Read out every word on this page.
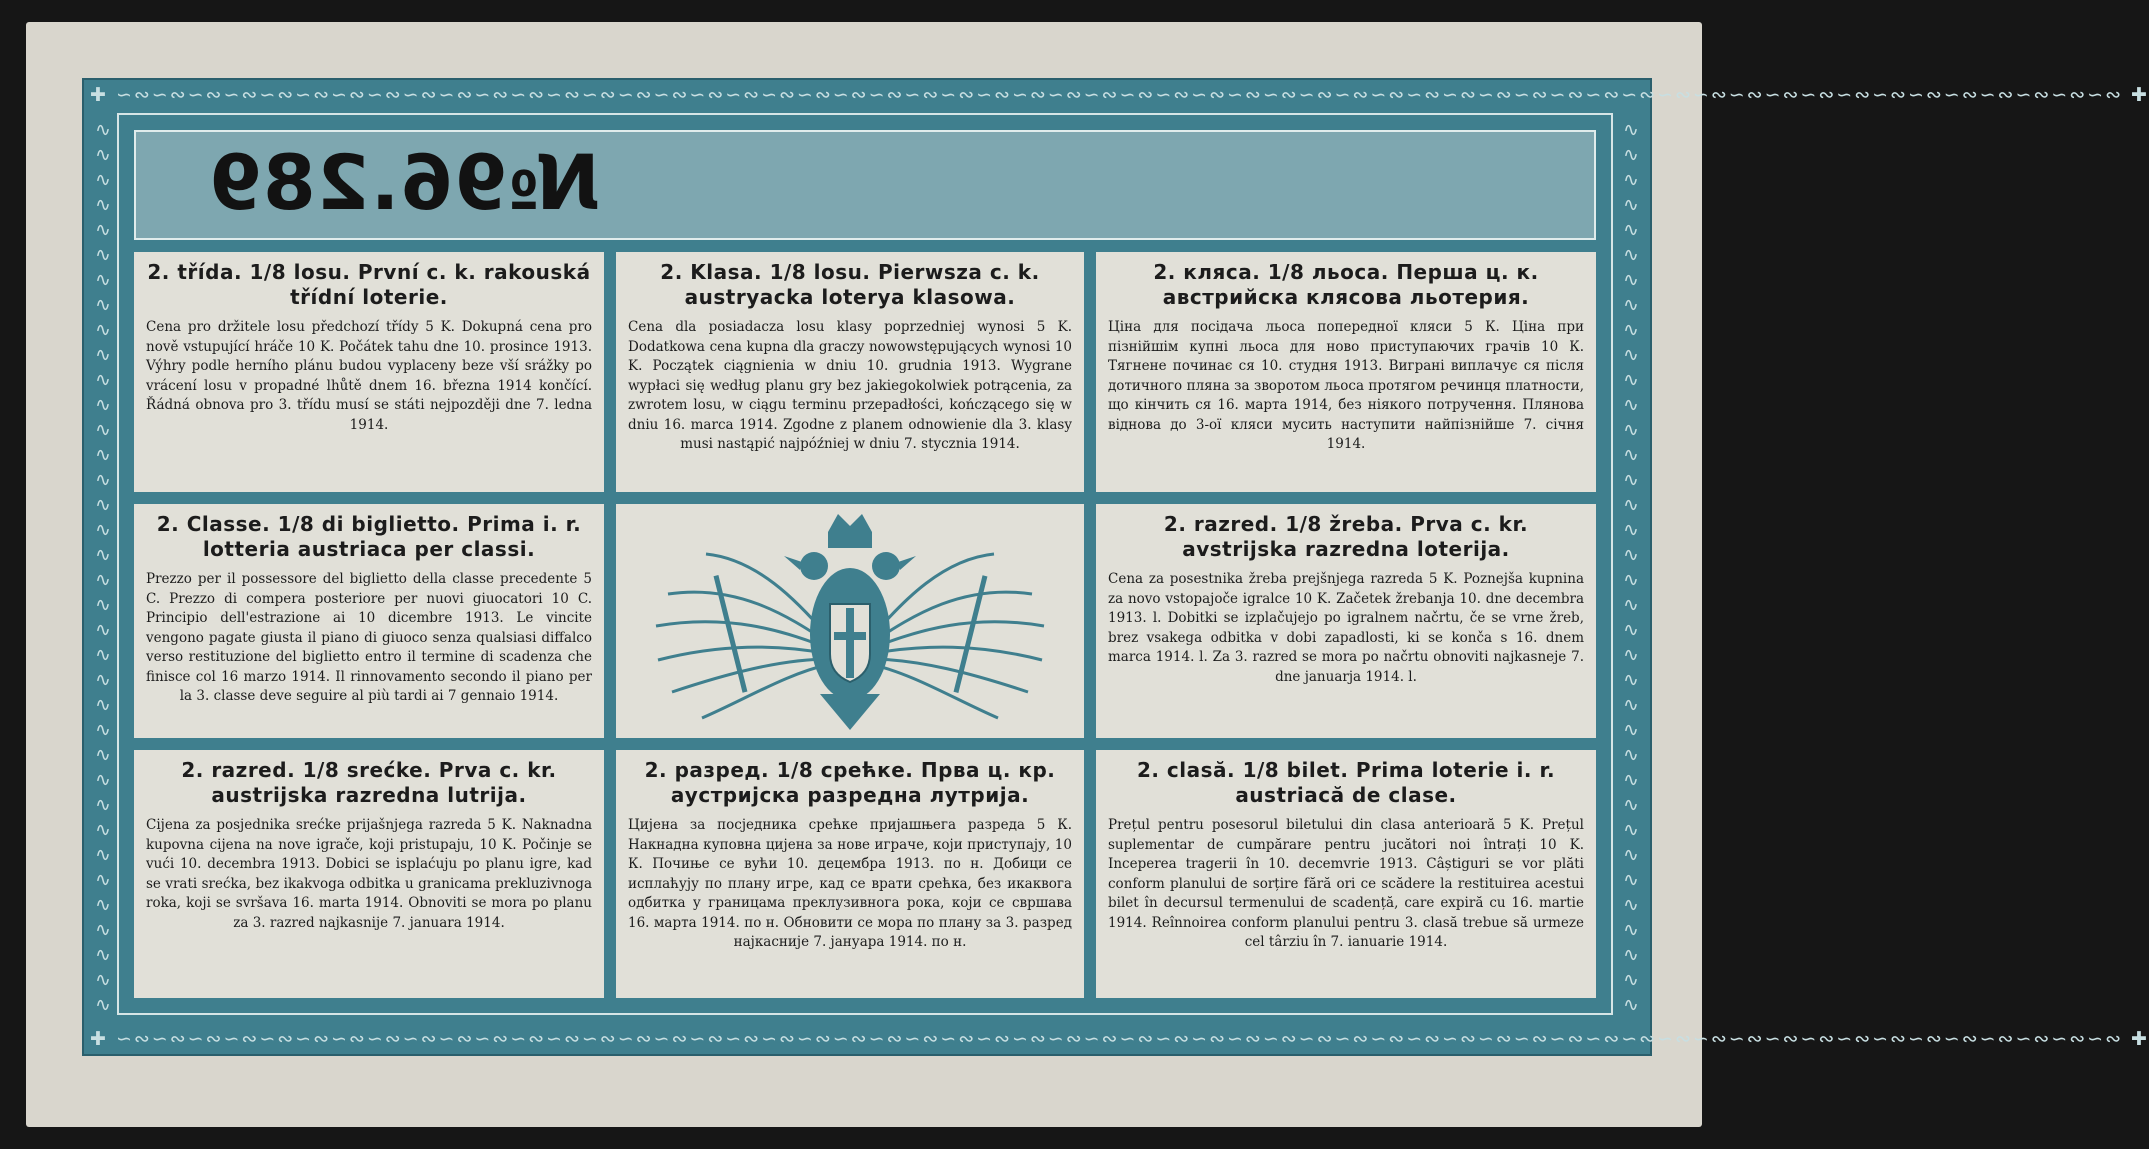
✚ ∽∾∽∾∽∾∽∾∽∾∽∾∽∾∽∾∽∾∽∾∽∾∽∾∽∾∽∾∽∾∽∾∽∾∽∾∽∾∽∾∽∾∽∾∽∾∽∾∽∾∽∾∽∾∽∾∽∾∽∾∽∾∽∾∽∾∽∾∽∾∽∾∽∾∽∾∽∾∽∾∽∾∽∾∽∾∽∾∽∾∽∾∽∾∽∾∽∾∽∾∽∾∽∾∽∾∽∾∽∾∽∾ ✚
✚ ∽∾∽∾∽∾∽∾∽∾∽∾∽∾∽∾∽∾∽∾∽∾∽∾∽∾∽∾∽∾∽∾∽∾∽∾∽∾∽∾∽∾∽∾∽∾∽∾∽∾∽∾∽∾∽∾∽∾∽∾∽∾∽∾∽∾∽∾∽∾∽∾∽∾∽∾∽∾∽∾∽∾∽∾∽∾∽∾∽∾∽∾∽∾∽∾∽∾∽∾∽∾∽∾∽∾∽∾∽∾∽∾ ✚
∿
∿
∿
∿
∿
∿
∿
∿
∿
∿
∿
∿
∿
∿
∿
∿
∿
∿
∿
∿
∿
∿
∿
∿
∿
∿
∿
∿
∿
∿
∿
∿
∿
∿
∿
∿
∿
∿
∿
∿
∿
∿
∿
∿
∿
∿
∿
∿
∿
∿
∿
∿
∿
∿
∿
∿
∿
∿
∿
∿
∿
∿
∿
∿
∿
∿
∿
∿
∿
∿
∿
∿
№96.289

2. třída. 1/8 losu. První c. k. rakouská třídní loterie.

Cena pro držitele losu předchozí třídy 5 K. Dokupná cena pro nově vstupující hráče 10 K. Počátek tahu dne 10. prosince 1913. Výhry podle herního plánu budou vyplaceny beze vší srážky po vrácení losu v propadné lhůtě dnem 16. března 1914 končící. Řádná obnova pro 3. třídu musí se státi nejpozději dne 7. ledna 1914.

2. Klasa. 1/8 losu. Pierwsza c. k. austryacka loterya klasowa.

Cena dla posiadacza losu klasy poprzedniej wynosi 5 K. Dodatkowa cena kupna dla graczy nowowstępujących wynosi 10 K. Początek ciągnienia w dniu 10. grudnia 1913. Wygrane wypłaci się według planu gry bez jakiegokolwiek potrącenia, za zwrotem losu, w ciągu terminu przepadłości, kończącego się w dniu 16. marca 1914. Zgodne z planem odnowienie dla 3. klasy musi nastąpić najpóźniej w dniu 7. stycznia 1914.

2. кляса. 1/8 льоса. Перша ц. к. австрийска клясова льотерия.

Ціна для посідача льоса попередної кляси 5 К. Ціна при пізнійшім купні льоса для ново приступаючих грачів 10 К. Тягнене починає ся 10. студня 1913. Виграні виплачує ся після дотичного пляна за зворотом льоса протягом речинця платности, що кінчить ся 16. марта 1914, без ніякого потручення. Плянова віднова до 3-ої кляси мусить наступити найпізнійше 7. січня 1914.

2. Classe. 1/8 di biglietto. Prima i. r. lotteria austriaca per classi.

Prezzo per il possessore del biglietto della classe precedente 5 C. Prezzo di compera posteriore per nuovi giuocatori 10 C. Principio dell'estrazione ai 10 dicembre 1913. Le vincite vengono pagate giusta il piano di giuoco senza qualsiasi diffalco verso restituzione del biglietto entro il termine di scadenza che finisce col 16 marzo 1914. Il rinnovamento secondo il piano per la 3. classe deve seguire al più tardi ai 7 gennaio 1914.

2. razred. 1/8 žreba. Prva c. kr. avstrijska razredna loterija.

Cena za posestnika žreba prejšnjega razreda 5 K. Poznejša kupnina za novo vstopajoče igralce 10 K. Začetek žrebanja 10. dne decembra 1913. l. Dobitki se izplačujejo po igralnem načrtu, če se vrne žreb, brez vsakega odbitka v dobi zapadlosti, ki se konča s 16. dnem marca 1914. l. Za 3. razred se mora po načrtu obnoviti najkasneje 7. dne januarja 1914. l.

2. razred. 1/8 srećke. Prva c. kr. austrijska razredna lutrija.

Cijena za posjednika srećke prijašnjega razreda 5 K. Naknadna kupovna cijena na nove igrače, koji pristupaju, 10 K. Počinje se vući 10. decembra 1913. Dobici se isplaćuju po planu igre, kad se vrati srećka, bez ikakvoga odbitka u granicama prekluzivnoga roka, koji se svršava 16. marta 1914. Obnoviti se mora po planu za 3. razred najkasnije 7. januara 1914.

2. разред. 1/8 срећке. Прва ц. кр. аустријска разредна лутрија.

Цијена за посједника срећке пријашњега разреда 5 К. Накнадна куповна цијена за нове играче, који приступају, 10 К. Почиње се вући 10. децембра 1913. по н. Добици се исплаћују по плану игре, кад се врати срећка, без икаквога одбитка у границама преклузивнога рока, који се свршава 16. марта 1914. по н. Обновити се мора по плану за 3. разред најкасније 7. јануара 1914. по н.

2. clasă. 1/8 bilet. Prima loterie i. r. austriacă de clase.

Prețul pentru posesorul biletului din clasa anterioară 5 K. Prețul suplementar de cumpărare pentru jucători noi întrați 10 K. Inceperea tragerii în 10. decemvrie 1913. Câștiguri se vor plăti conform planului de sorțire fără ori ce scădere la restituirea acestui bilet în decursul termenului de scadență, care expiră cu 16. martie 1914. Reînnoirea conform planului pentru 3. clasă trebue să urmeze cel târziu în 7. ianuarie 1914.
